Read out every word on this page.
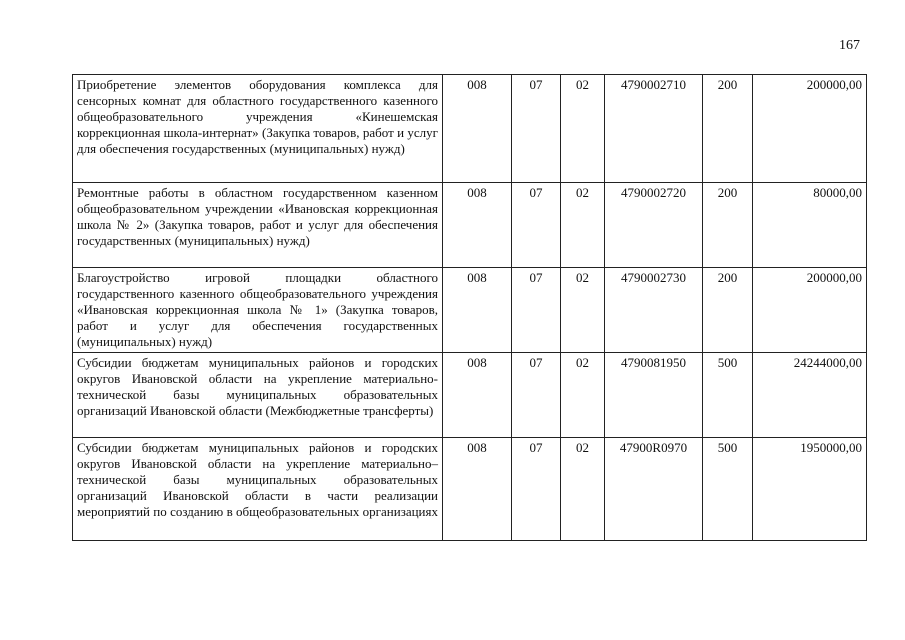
167
Приобретение элементов оборудования комплекса для сенсорных комнат для областного государственного казенного общеобразовательного учреждения «Кинешемская коррекционная школа-интернат» (Закупка товаров, работ и услуг для обеспечения государственных (муниципальных) нужд)	008	07	02	4790002710	200	200000,00
Ремонтные работы в областном государственном казенном общеобразовательном учреждении «Ивановская коррекционная школа № 2» (Закупка товаров, работ и услуг для обеспечения государственных (муниципальных) нужд)	008	07	02	4790002720	200	80000,00
Благоустройство игровой площадки областного государственного казенного общеобразовательного учреждения «Ивановская коррекционная школа № 1» (Закупка товаров, работ и услуг для обеспечения государственных (муниципальных) нужд)	008	07	02	4790002730	200	200000,00
Субсидии бюджетам муниципальных районов и городских округов Ивановской области на укрепление материально-технической базы муниципальных образовательных организаций Ивановской области (Межбюджетные трансферты)	008	07	02	4790081950	500	24244000,00
Субсидии бюджетам муниципальных районов и городских округов Ивановской области на укрепление материально–технической базы муниципальных образовательных организаций Ивановской области в части реализации мероприятий по созданию в общеобразовательных организациях	008	07	02	47900R0970	500	1950000,00
